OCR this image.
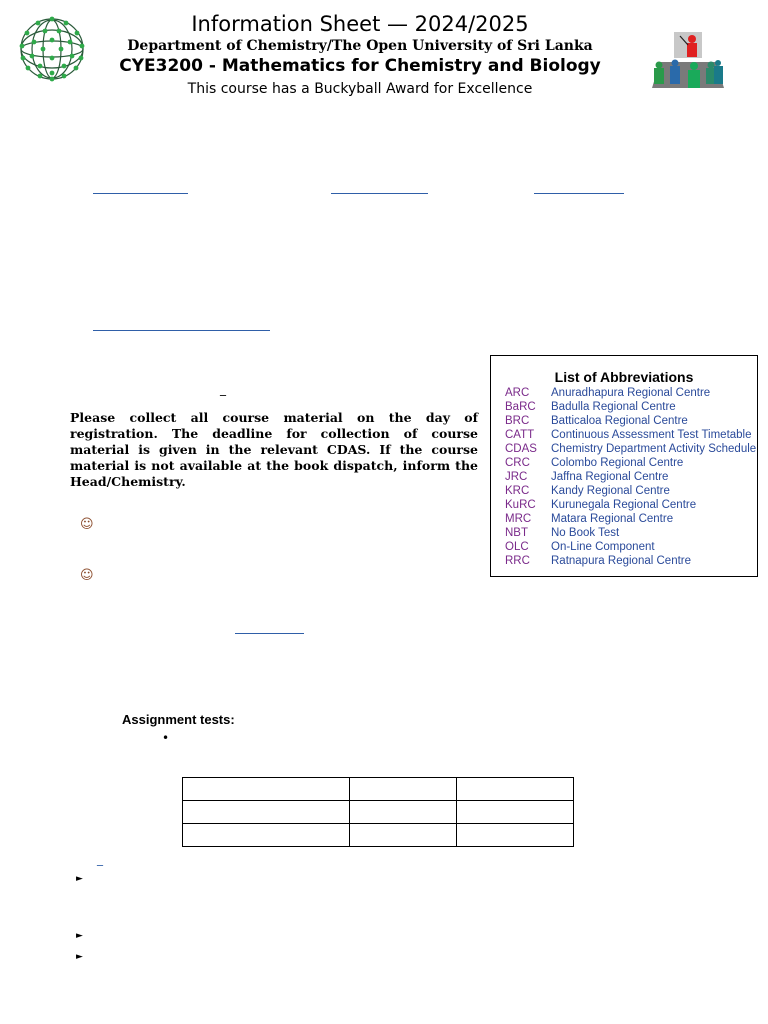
Information Sheet — 2024/2025
Department of Chemistry/The Open University of Sri Lanka
CYE3200 - Mathematics for Chemistry and Biology
This course has a Buckyball Award for Excellence
_
_
Please collect all course material on the day of registration. The deadline for collection of course material is given in the relevant CDAS. If the course material is not available at the book dispatch, inform the Head/Chemistry.
List of Abbreviations
ARC	Anuradhapura Regional Centre
BaRC	Badulla Regional Centre
BRC	Batticaloa Regional Centre
CATT	Continuous Assessment Test Timetable
CDAS	Chemistry Department Activity Schedule
CRC	Colombo Regional Centre
JRC	Jaffna Regional Centre
KRC	Kandy Regional Centre
KuRC	Kurunegala Regional Centre
MRC	Matara Regional Centre
NBT	No Book Test
OLC	On-Line Component
RRC	Ratnapura Regional Centre
☺
☺
Assignment tests:
•

►
►
►
